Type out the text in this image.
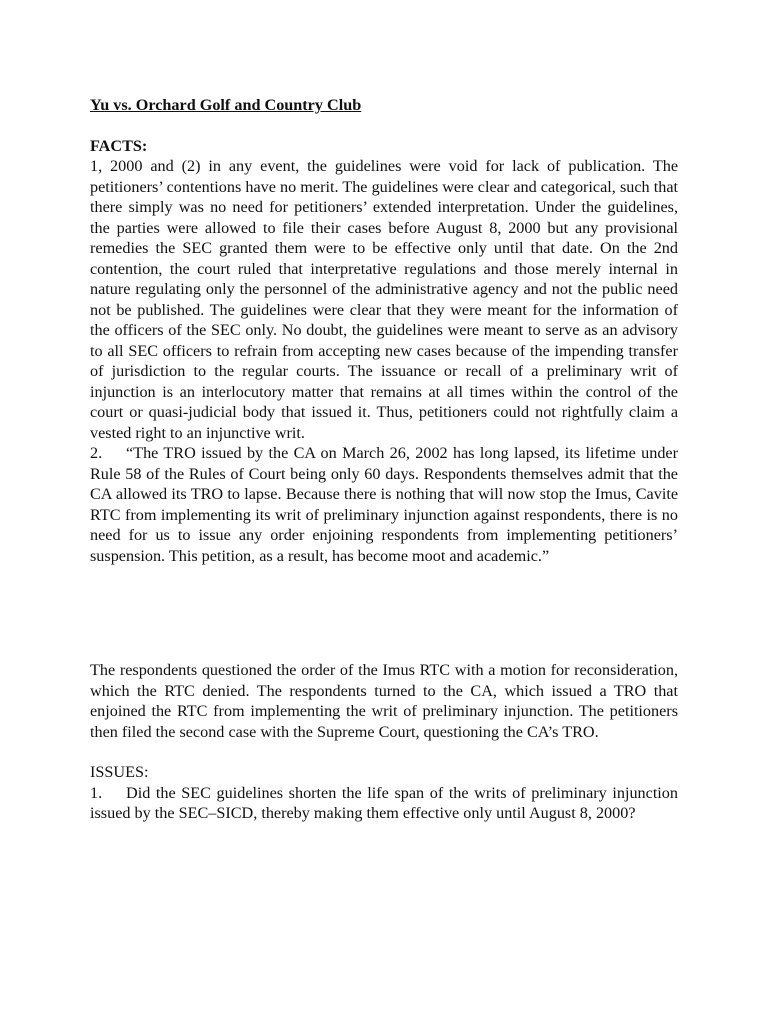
Yu vs. Orchard Golf and Country Club
FACTS:

1, 2000 and (2) in any event, the guidelines were void for lack of publication. The petitioners’ contentions have no merit. The guidelines were clear and categorical, such that there simply was no need for petitioners’ extended interpretation. Under the guidelines, the parties were allowed to file their cases before August 8, 2000 but any provisional remedies the SEC granted them were to be effective only until that date. On the 2nd contention, the court ruled that interpretative regulations and those merely internal in nature regulating only the personnel of the administrative agency and not the public need not be published. The guidelines were clear that they were meant for the information of the officers of the SEC only. No doubt, the guidelines were meant to serve as an advisory to all SEC officers to refrain from accepting new cases because of the impending transfer of jurisdiction to the regular courts. The issuance or recall of a preliminary writ of injunction is an interlocutory matter that remains at all times within the control of the court or quasi-judicial body that issued it. Thus, petitioners could not rightfully claim a vested right to an injunctive writ.

2. “The TRO issued by the CA on March 26, 2002 has long lapsed, its lifetime under Rule 58 of the Rules of Court being only 60 days. Respondents themselves admit that the CA allowed its TRO to lapse. Because there is nothing that will now stop the Imus, Cavite RTC from implementing its writ of preliminary injunction against respondents, there is no need for us to issue any order enjoining respondents from implementing petitioners’ suspension. This petition, as a result, has become moot and academic.”

The respondents questioned the order of the Imus RTC with a motion for reconsideration, which the RTC denied. The respondents turned to the CA, which issued a TRO that enjoined the RTC from implementing the writ of preliminary injunction. The petitioners then filed the second case with the Supreme Court, questioning the CA’s TRO.

ISSUES:

1. Did the SEC guidelines shorten the life span of the writs of preliminary injunction issued by the SEC–SICD, thereby making them effective only until August 8, 2000?
